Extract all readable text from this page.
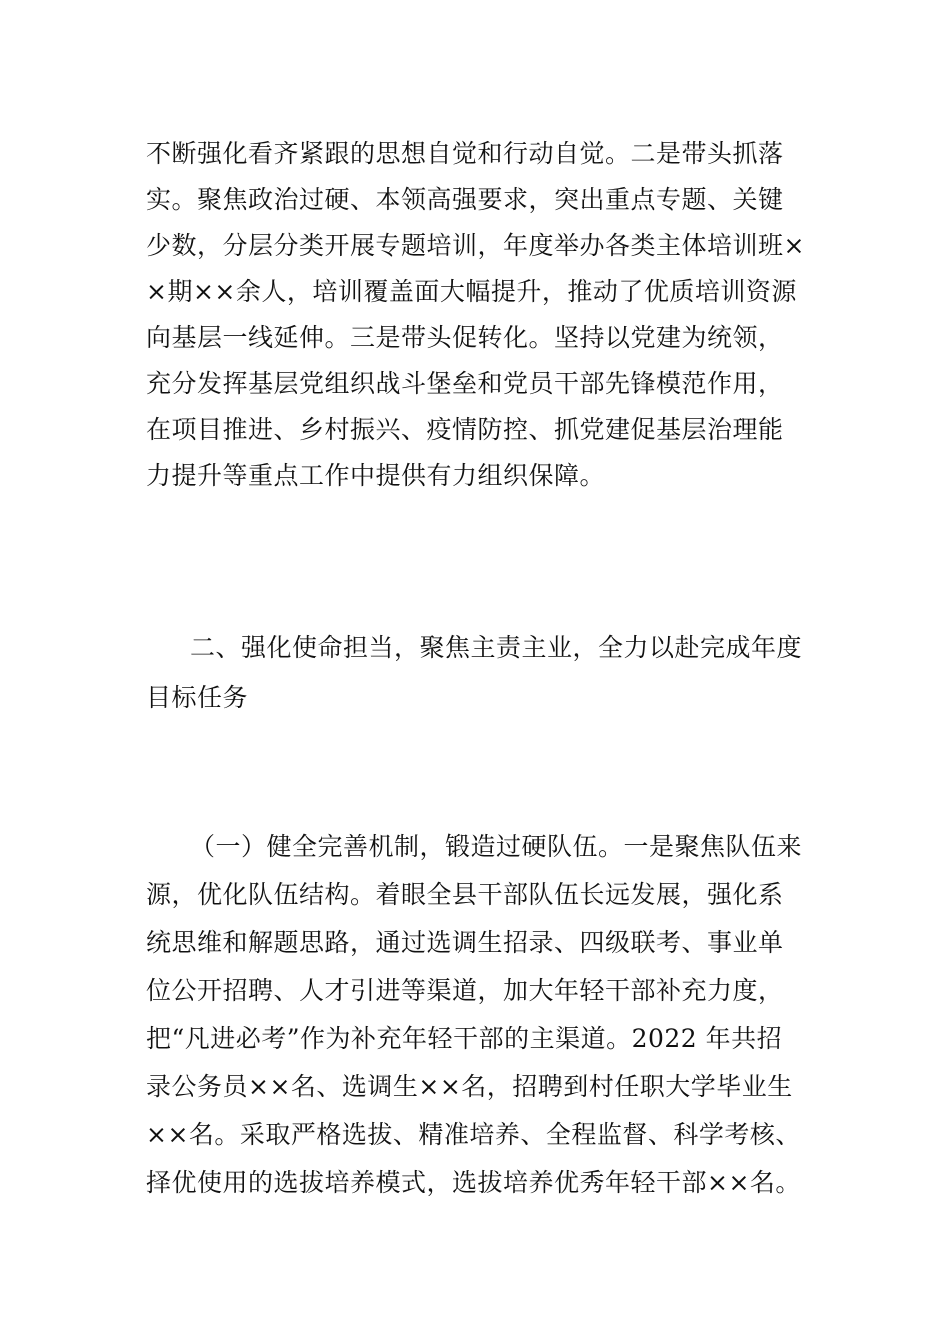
不断强化看齐紧跟的思想自觉和行动自觉。二是带头抓落
实。聚焦政治过硬、本领高强要求，突出重点专题、关键
少数，分层分类开展专题培训，年度举办各类主体培训班×
×期××余人，培训覆盖面大幅提升，推动了优质培训资源
向基层一线延伸。三是带头促转化。坚持以党建为统领，
充分发挥基层党组织战斗堡垒和党员干部先锋模范作用，
在项目推进、乡村振兴、疫情防控、抓党建促基层治理能
力提升等重点工作中提供有力组织保障。
二、强化使命担当，聚焦主责主业，全力以赴完成年度
目标任务
（一）健全完善机制，锻造过硬队伍。一是聚焦队伍来
源，优化队伍结构。着眼全县干部队伍长远发展，强化系
统思维和解题思路，通过选调生招录、四级联考、事业单
位公开招聘、人才引进等渠道，加大年轻干部补充力度，
把“凡进必考”作为补充年轻干部的主渠道。2022 年共招
录公务员××名、选调生××名，招聘到村任职大学毕业生
××名。采取严格选拔、精准培养、全程监督、科学考核、
择优使用的选拔培养模式，选拔培养优秀年轻干部××名。
